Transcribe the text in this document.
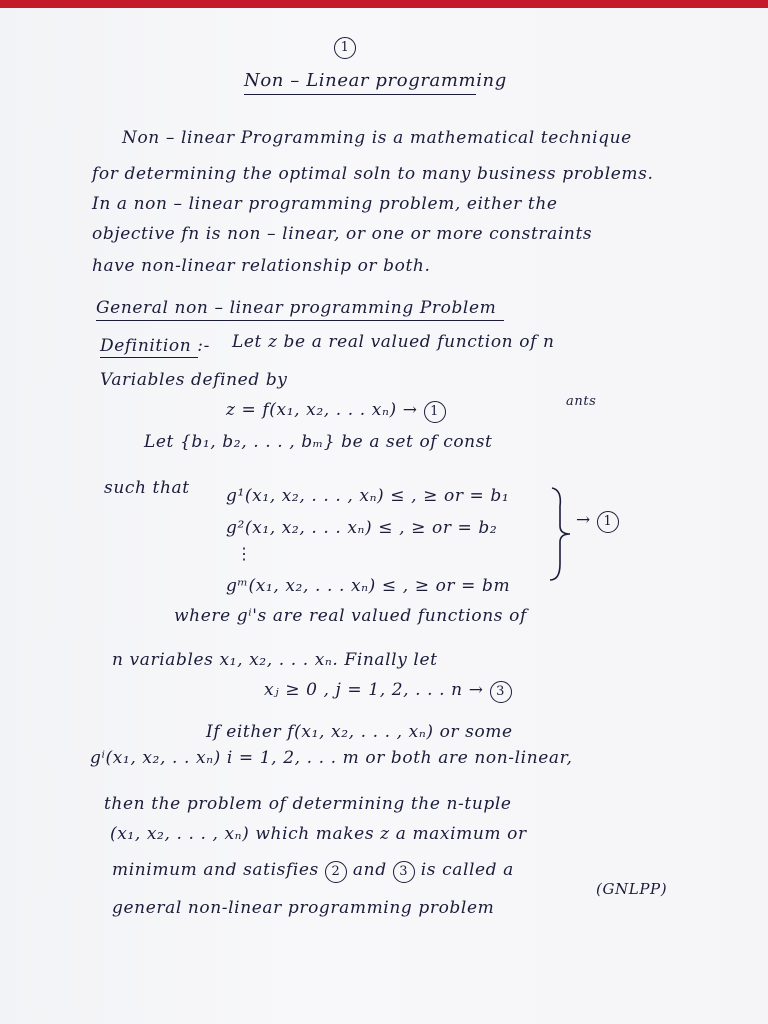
1
Non – Linear programming
Non – linear Programming is a mathematical technique
for determining the optimal soln to many business problems.
In a non – linear programming problem, either the
objective fn is non – linear, or one or more constraints
have non-linear relationship or both.
General non – linear programming Problem
Definition :- Let z be a real valued function of n
Variables defined by
z = f(x₁, x₂, . . . xₙ) → 1
ants
Let {b₁, b₂, . . . , bₘ} be a set of const
such that g¹(x₁, x₂, . . . , xₙ) ≤ , ≥ or = b₁
g²(x₁, x₂, . . . xₙ) ≤ , ≥ or = b₂
⋮
gᵐ(x₁, x₂, . . . xₙ) ≤ , ≥ or = bm
→ 1
where gⁱ's are real valued functions of
n variables x₁, x₂, . . . xₙ. Finally let
xⱼ ≥ 0 , j = 1, 2, . . . n → 3
If either f(x₁, x₂, . . . , xₙ) or some
gⁱ(x₁, x₂, . . xₙ) i = 1, 2, . . . m or both are non-linear,
then the problem of determining the n-tuple
(x₁, x₂, . . . , xₙ) which makes z a maximum or
minimum and satisfies 2 and 3 is called a
general non-linear programming problem
(GNLPP)
